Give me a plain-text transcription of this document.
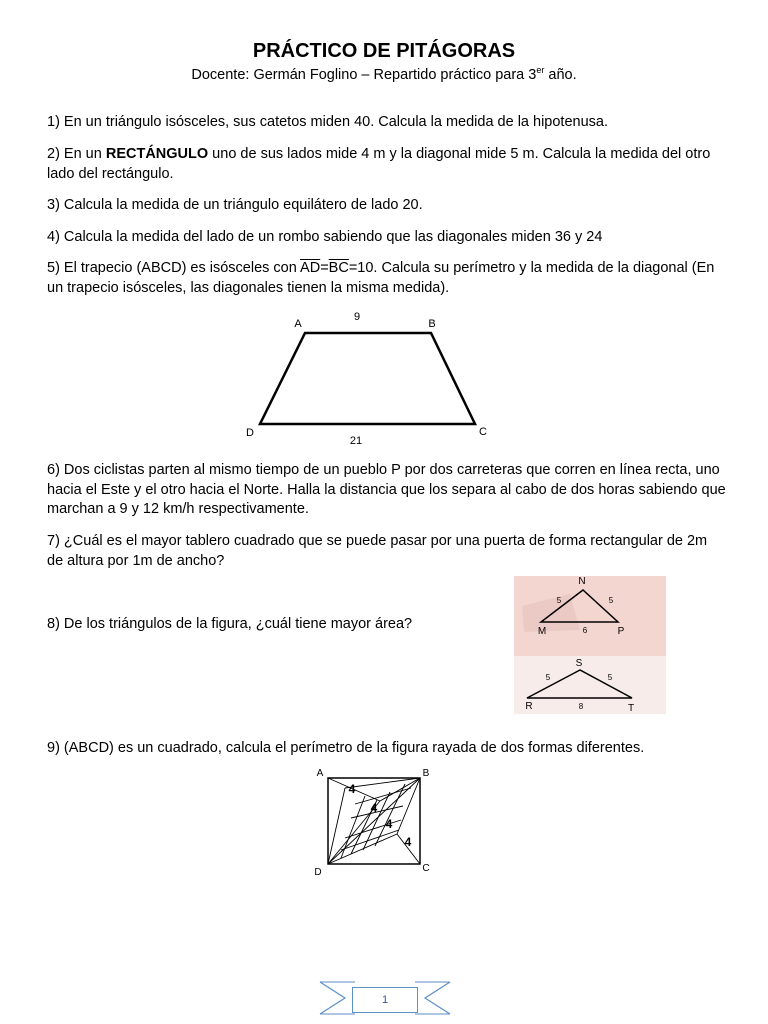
PRÁCTICO DE PITÁGORAS
Docente: Germán Foglino – Repartido práctico para 3er año.
1) En un triángulo isósceles, sus catetos miden 40. Calcula la medida de la hipotenusa.
2) En un RECTÁNGULO uno de sus lados mide 4 m y la diagonal mide 5 m. Calcula la medida del otro lado del rectángulo.
3) Calcula la medida de un triángulo equilátero de lado 20.
4) Calcula la medida del lado de un rombo sabiendo que las diagonales miden 36 y 24
5) El trapecio (ABCD) es isósceles con $\overline{AD}=\overline{BC}=10$. Calcula su perímetro y la medida de la diagonal (En un trapecio isósceles, las diagonales tienen la misma medida).
A	B
C
D
9
21
6) Dos ciclistas parten al mismo tiempo de un pueblo P por dos carreteras que corren en línea recta, uno hacia el Este y el otro hacia el Norte. Halla la distancia que los separa al cabo de dos horas sabiendo que marchan a 9 y 12 km/h respectivamente.
7) ¿Cuál es el mayor tablero cuadrado que se puede pasar por una puerta de forma rectangular de 2m de altura por 1m de ancho?
8) De los triángulos de la figura, ¿cuál tiene mayor área?
N
M	P
5	5
6
S
R	T
5	5
8
9) (ABCD) es un cuadrado, calcula el perímetro de la figura rayada de dos formas diferentes.
A	B
C
D
4
4
4
4
1
